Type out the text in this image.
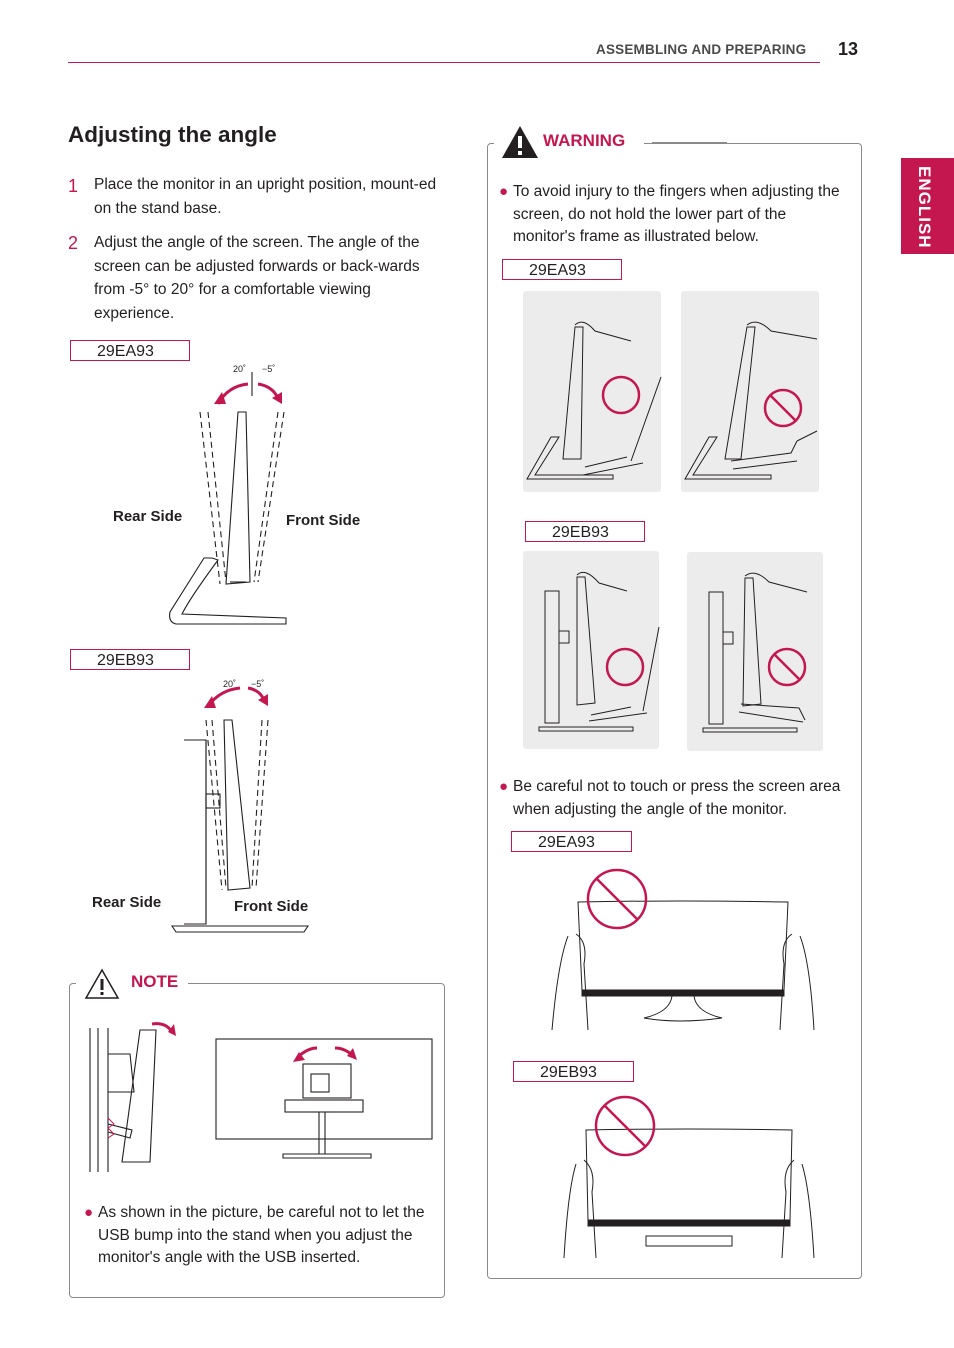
ASSEMBLING AND PREPARING 13
ENGLISH
Adjusting the angle
1 Place the monitor in an upright position, mount-ed on the stand base.
2 Adjust the angle of the screen. The angle of the screen can be adjusted forwards or back-wards from -5° to 20° for a comfortable viewing experience.
29EA93
29EB93
20˚ −5˚
Rear Side	Front Side
20˚ −5˚
Rear Side	Front Side
NOTE
● As shown in the picture, be careful not to let the USB bump into the stand when you adjust the monitor's angle with the USB inserted.
WARNING
● To avoid injury to the fingers when adjusting the screen, do not hold the lower part of the monitor's frame as illustrated below.
29EA93
29EB93
● Be careful not to touch or press the screen area when adjusting the angle of the monitor.
29EA93
29EB93
